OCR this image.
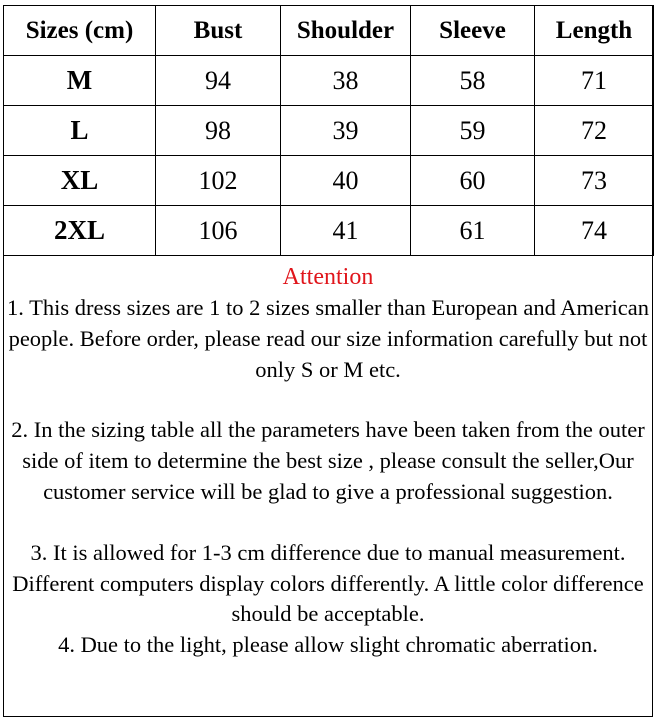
Sizes (cm)	Bust	Shoulder	Sleeve	Length
M	94	38	58	71
L	98	39	59	72
XL	102	40	60	73
2XL	106	41	61	74
Attention
1. This dress sizes are 1 to 2 sizes smaller than European and American people. Before order, please read our size information carefully but not only S or M etc.
2. In the sizing table all the parameters have been taken from the outer side of item to determine the best size , please consult the seller,Our customer service will be glad to give a professional suggestion.
3. It is allowed for 1-3 cm difference due to manual measurement. Different computers display colors differently. A little color difference should be acceptable.
4. Due to the light, please allow slight chromatic aberration.
